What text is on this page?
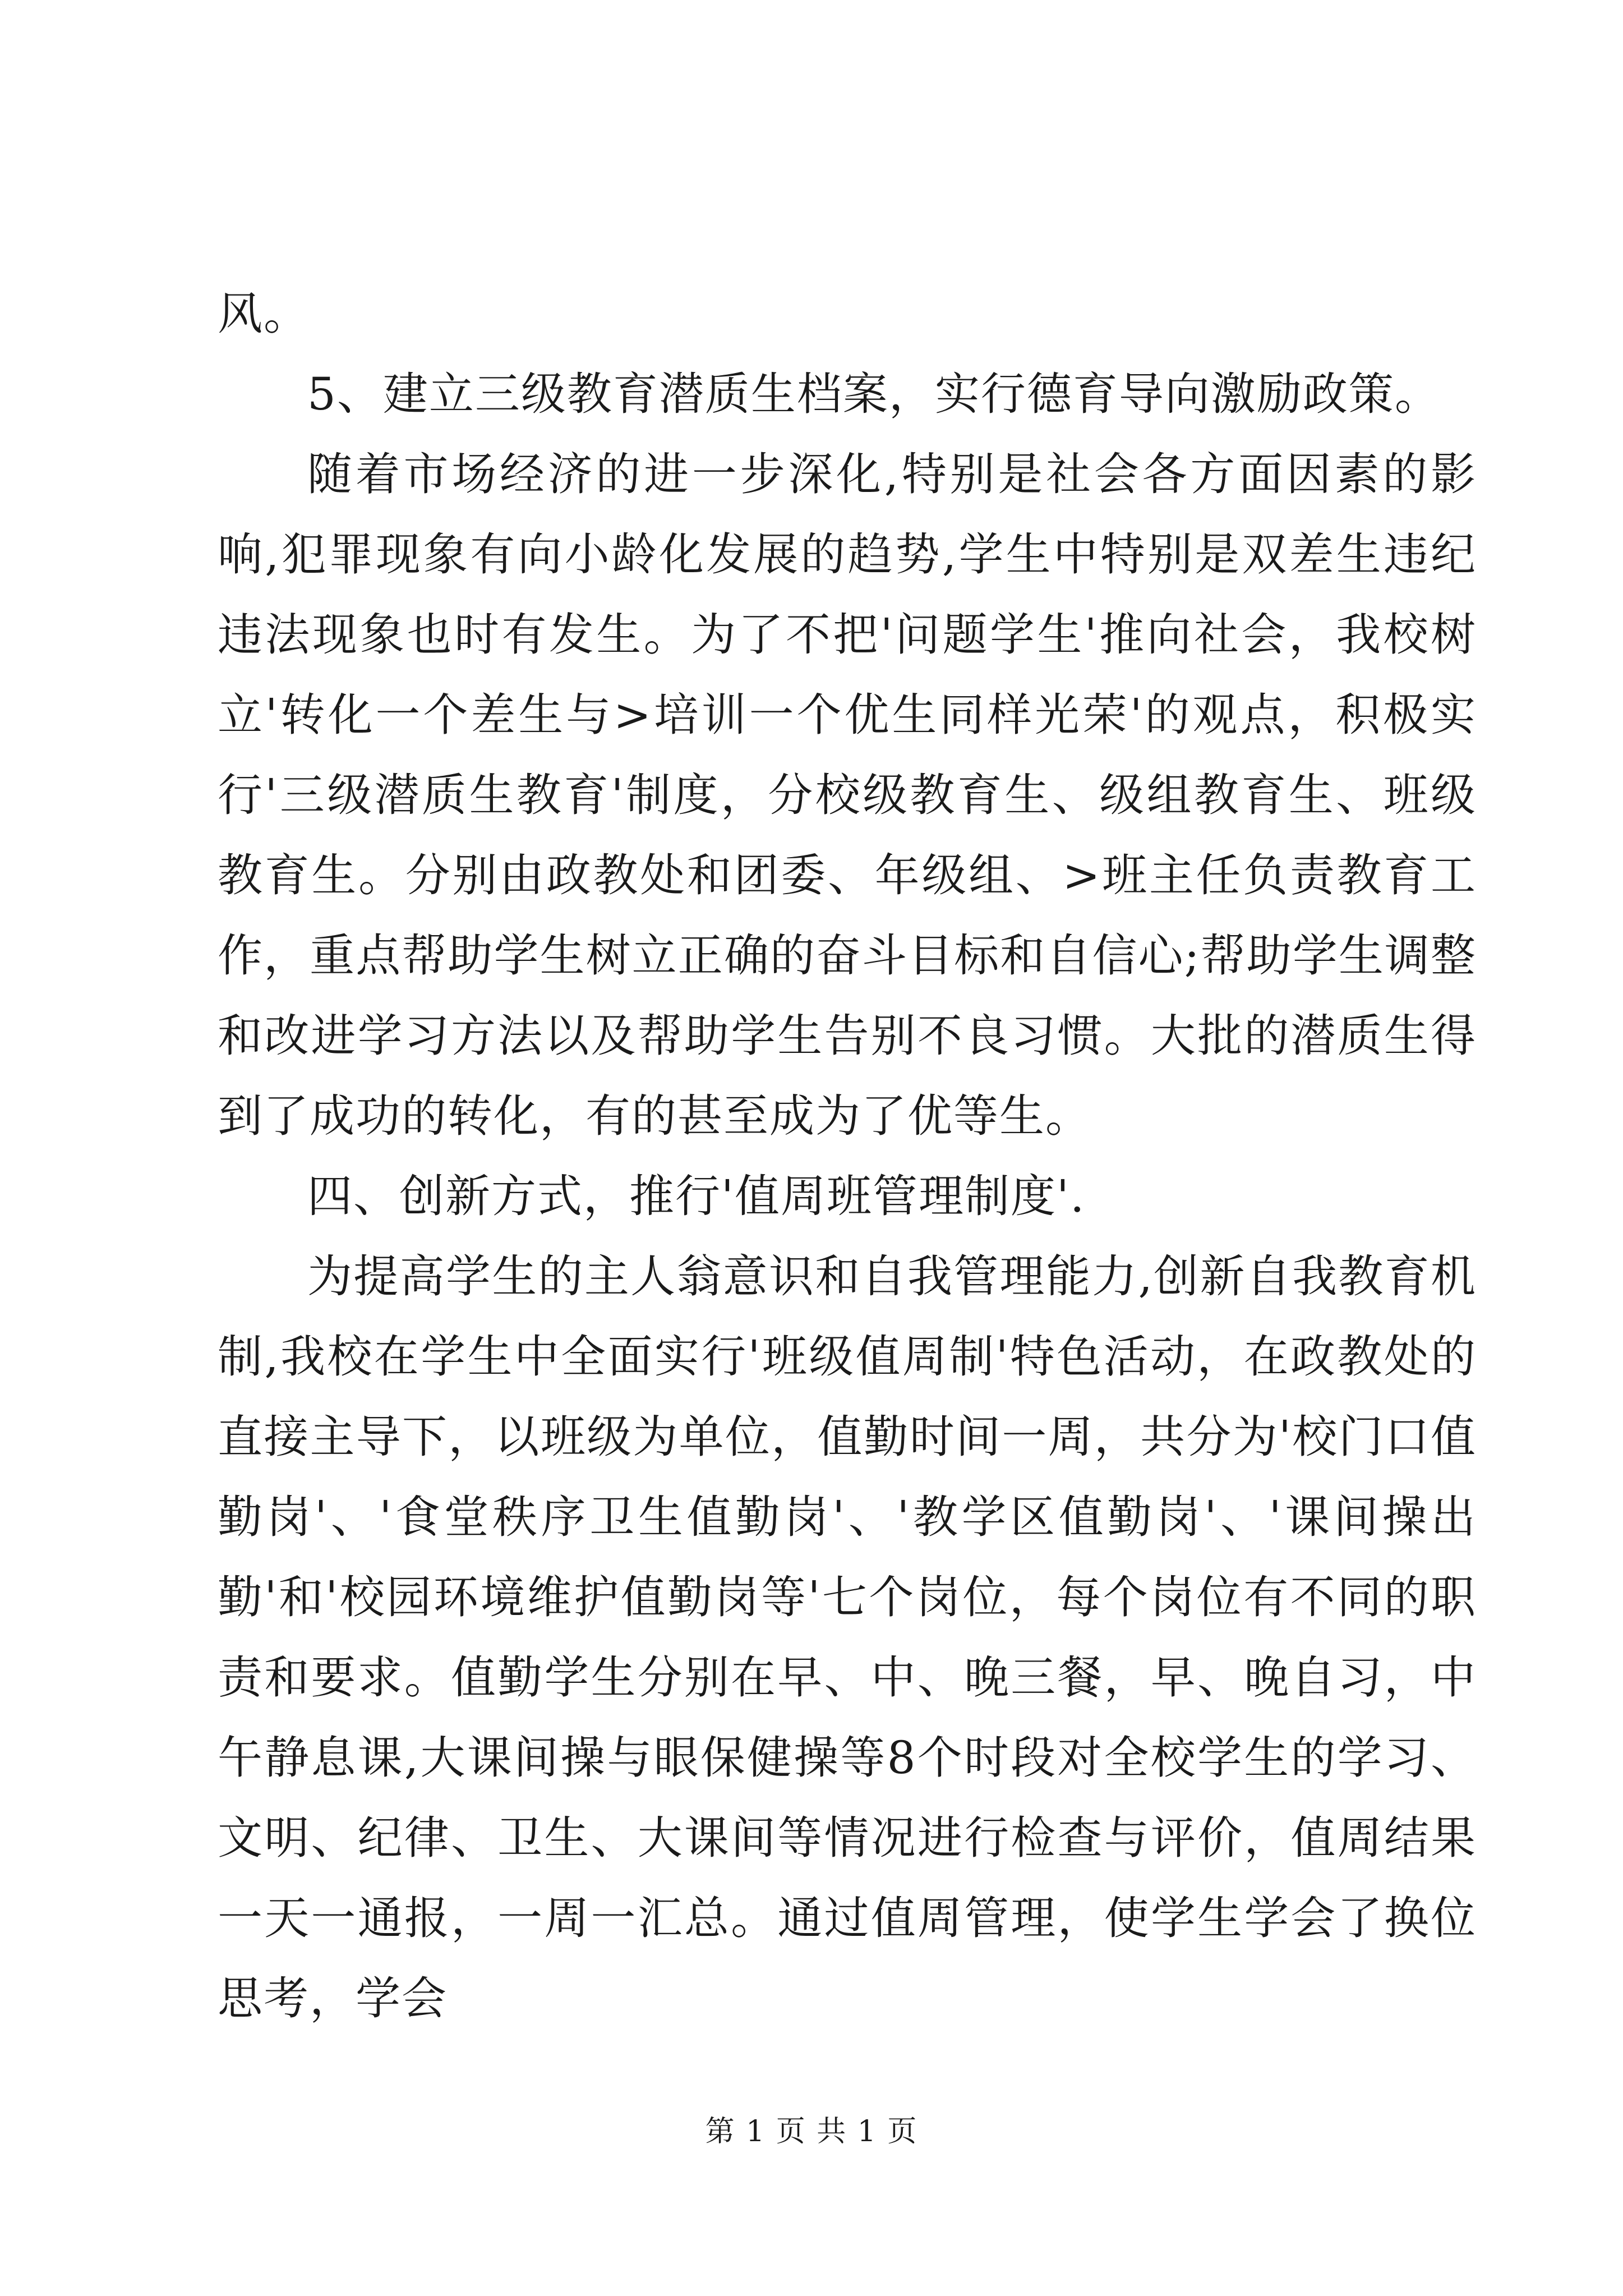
风。

5、建立三级教育潜质生档案，实行德育导向激励政策。

随着市场经济的进一步深化,特别是社会各方面因素的影响,犯罪现象有向小龄化发展的趋势,学生中特别是双差生违纪违法现象也时有发生。为了不把'问题学生'推向社会，我校树立'转化一个差生与>培训一个优生同样光荣'的观点，积极实行'三级潜质生教育'制度，分校级教育生、级组教育生、班级教育生。分别由政教处和团委、年级组、>班主任负责教育工作，重点帮助学生树立正确的奋斗目标和自信心;帮助学生调整和改进学习方法以及帮助学生告别不良习惯。大批的潜质生得到了成功的转化，有的甚至成为了优等生。

四、创新方式，推行'值周班管理制度'.

为提高学生的主人翁意识和自我管理能力,创新自我教育机制,我校在学生中全面实行'班级值周制'特色活动，在政教处的直接主导下，以班级为单位，值勤时间一周，共分为'校门口值勤岗'、'食堂秩序卫生值勤岗'、'教学区值勤岗'、'课间操出勤'和'校园环境维护值勤岗等'七个岗位，每个岗位有不同的职责和要求。值勤学生分别在早、中、晚三餐，早、晚自习，中午静息课,大课间操与眼保健操等8个时段对全校学生的学习、文明、纪律、卫生、大课间等情况进行检查与评价，值周结果一天一通报，一周一汇总。通过值周管理，使学生学会了换位思考，学会

第 1 页 共 1 页
